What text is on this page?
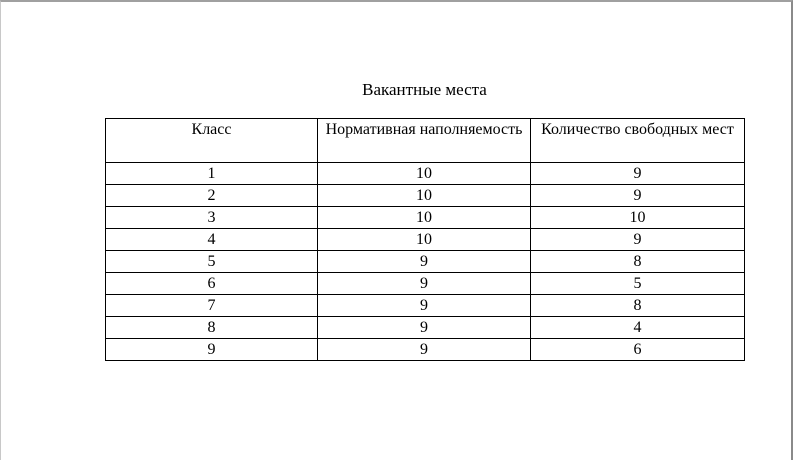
Вакантные места
Класс	Нормативная наполняемость	Количество свободных мест
1	10	9
2	10	9
3	10	10
4	10	9
5	9	8
6	9	5
7	9	8
8	9	4
9	9	6
